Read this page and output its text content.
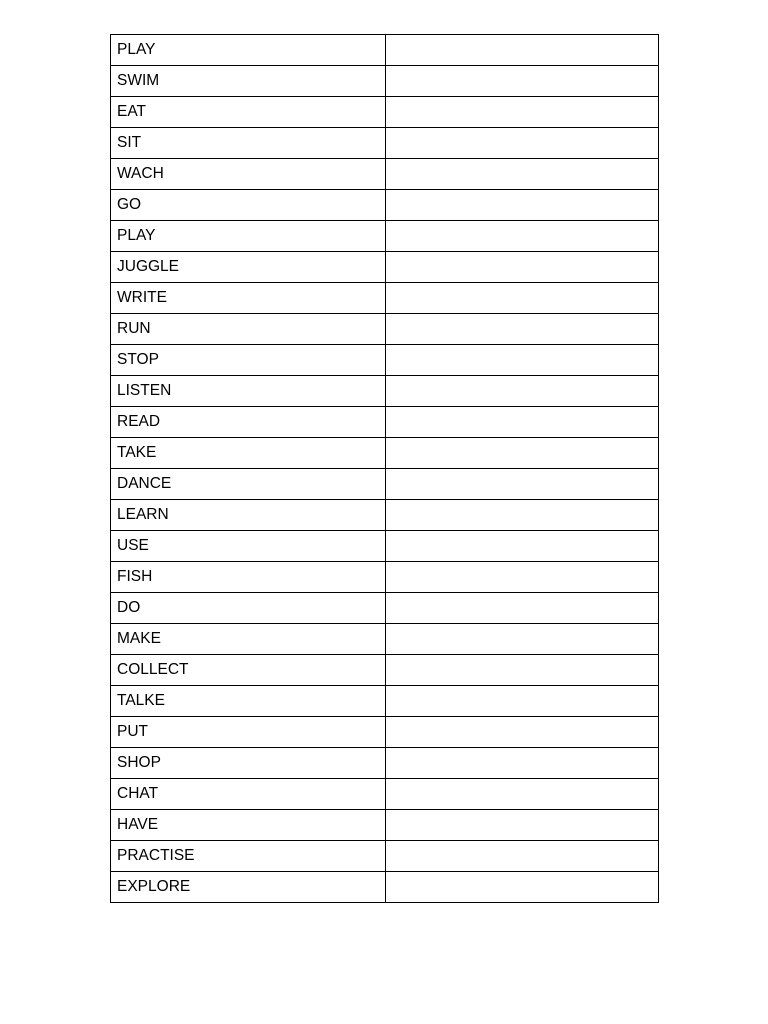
PLAY	
SWIM	
EAT	
SIT	
WACH	
GO	
PLAY	
JUGGLE	
WRITE	
RUN	
STOP	
LISTEN	
READ	
TAKE	
DANCE	
LEARN	
USE	
FISH	
DO	
MAKE	
COLLECT	
TALKE	
PUT	
SHOP	
CHAT	
HAVE	
PRACTISE	
EXPLORE	
